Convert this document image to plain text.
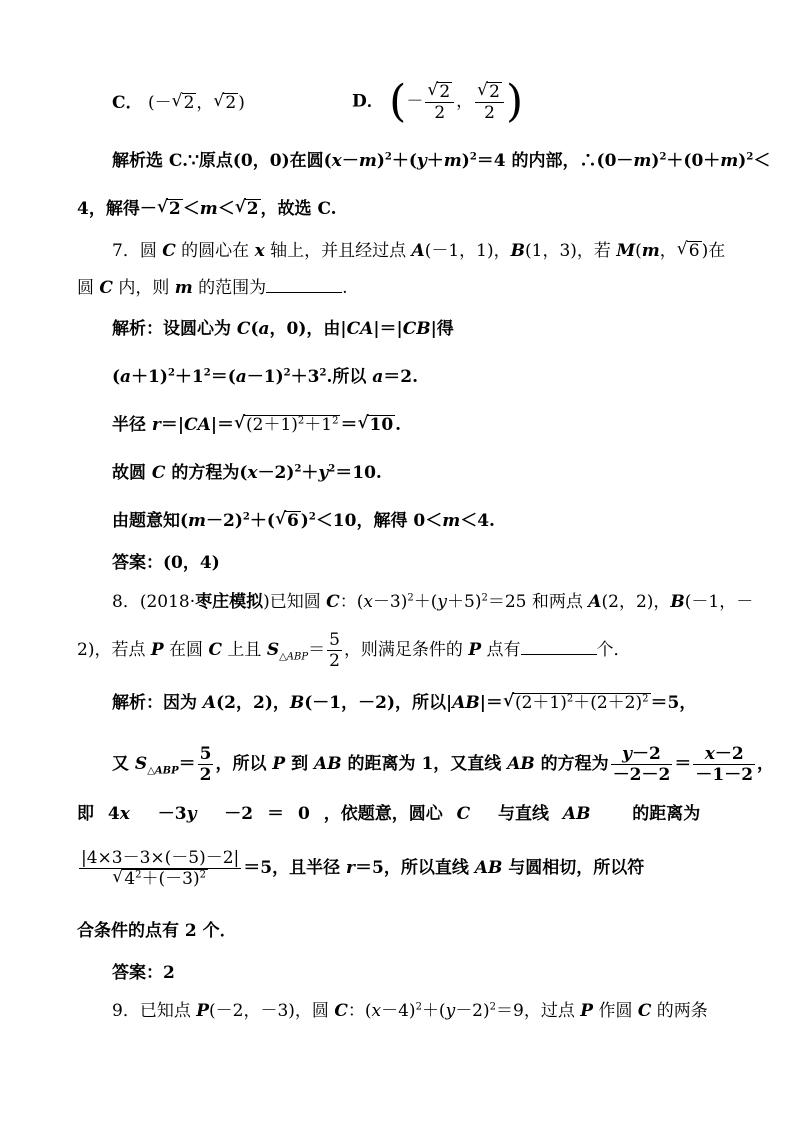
C． (－√ 2 ，√ 2 )	D． (－
√ $\frac{2}{2}$ ，
√ $\frac{2}{2}$ )
解析选 C.∵原点(0，0)在圆$(x-m)^2+(y+m)^2=4$ 的内部，$\therefore(0-m)^2+(0+m)^2<$
4，解得－√ 2 ＜m＜√ 2 ，故选 C.
7．圆 C 的圆心在 x 轴上，并且经过点 A(－1，1)，B(1，3)，若 M(m，√ 6 )在
圆 C 内，则 m 的范围为	.
解析：设圆心为 C(a，0)，由|CA|＝|CB|得
$(a+1)^2+1^2=(a-1)^2+3^2$.所以 a＝2.
半径 r＝|CA|＝√ $(2+1)^2+1^2$ ＝√ 10 .
故圆 C 的方程为$(x-2)^2+y^2=10$.
由题意知$(m-2)^2+(√$ 6 )$^2$＜10，解得 0＜m＜4.
答案：(0，4)
8．(2018·枣庄模拟)已知圆 C：$(x-3)^2+(y+5)^2=25$ 和两点 A(2，2)，B(－1，－
2)，若点 P 在圆 C 上且 $S_{\triangle ABP}= \frac{5}{2}$ ，则满足条件的 P 点有	个．
解析：因为 A(2，2)，B(－1，－2)，所以|AB|＝√ $(2+1)^2+(2+2)^2 =5$，
又 $S_{\triangle ABP}= \frac{5}{2}$ ，所以 P 到 AB 的距离为 1，又直线 AB 的方程为 $\frac{y-2}{-2-2} = \frac{x-2}{-1-2}$ ，
即 4x  －3y  －2 ＝ 0 ，依题意，圆心 C  与直线 AB   的距离为
|4×3－3×(－5)－2|
√ $4^2+(-3)^2 =5$，且半径 r＝5，所以直线 AB 与圆相切，所以符
合条件的点有 2 个．
答案：2
9．已知点 P(－2，－3)，圆 C：$(x-4)^2+(y-2)^2=9$，过点 P 作圆 C 的两条
